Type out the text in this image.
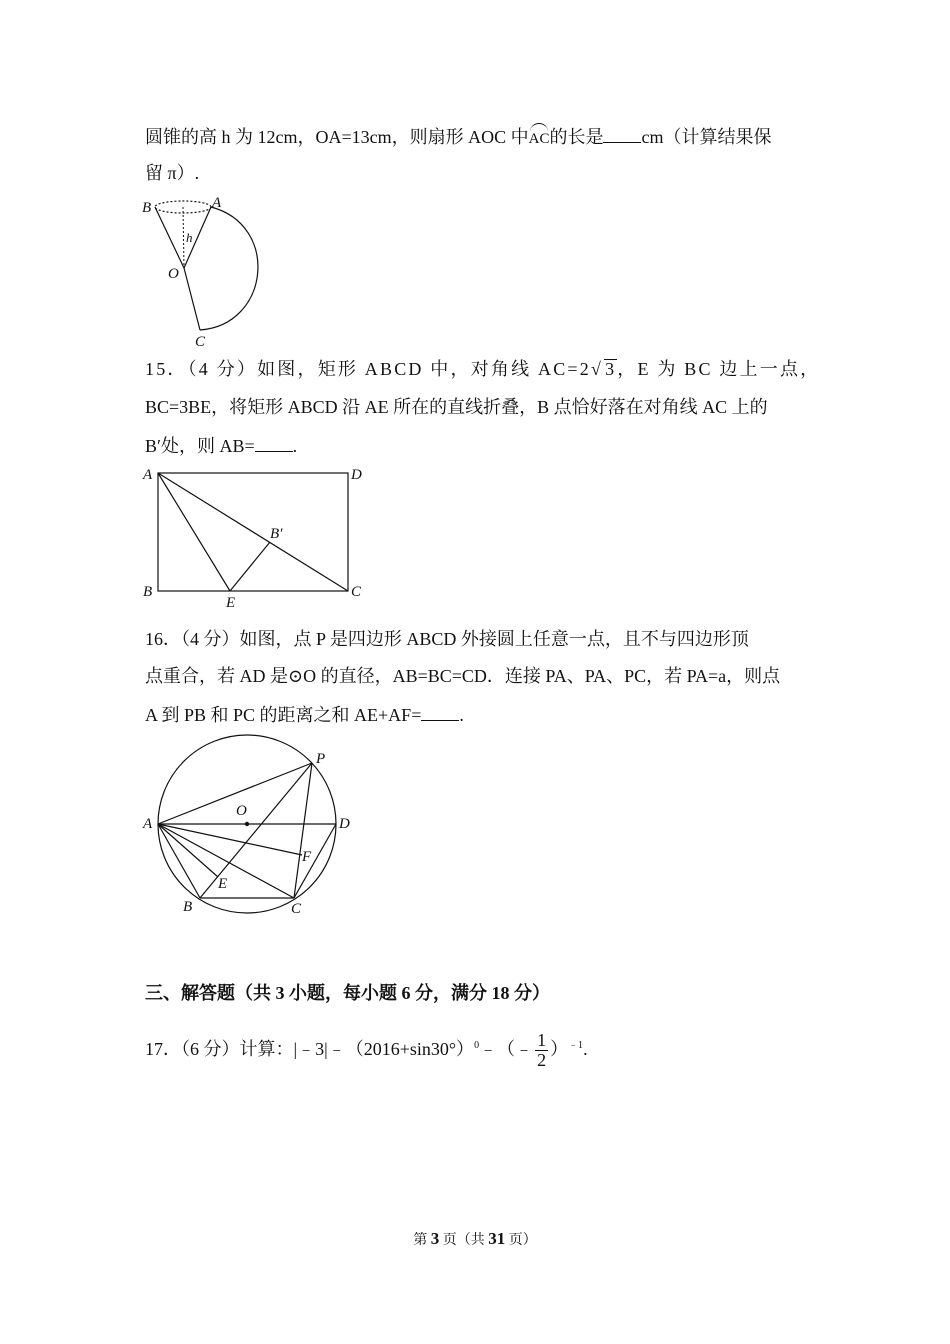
圆锥的高 h 为 12cm，OA=13cm，则扇形 AOC 中AC的长是 cm（计算结果保
留 π）.
B	A
h
O
C
15．（4 分）如图，矩形 ABCD 中，对角线 AC=2√ 3，E 为 BC 边上一点，
BC=3BE，将矩形 ABCD 沿 AE 所在的直线折叠，B 点恰好落在对角线 AC 上的
B′处，则 AB= .
A	D
B	C
E
B′
16．（4 分）如图，点 P 是四边形 ABCD 外接圆上任意一点，且不与四边形顶
点重合，若 AD 是⊙O 的直径，AB=BC=CD．连接 PA、PA、PC，若 PA=a，则点
A 到 PB 和 PC 的距离之和 AE+AF= .
P
O
A	D
F
E
B	C
三、解答题（共 3 小题，每小题 6 分，满分 18 分）
17．（6 分）计算：$|﹣3|﹣(2016+\sin 30^\circ)^0﹣(﹣ \frac{1}{2} )^{﹣1}$.
第 3 页（共 31 页）
